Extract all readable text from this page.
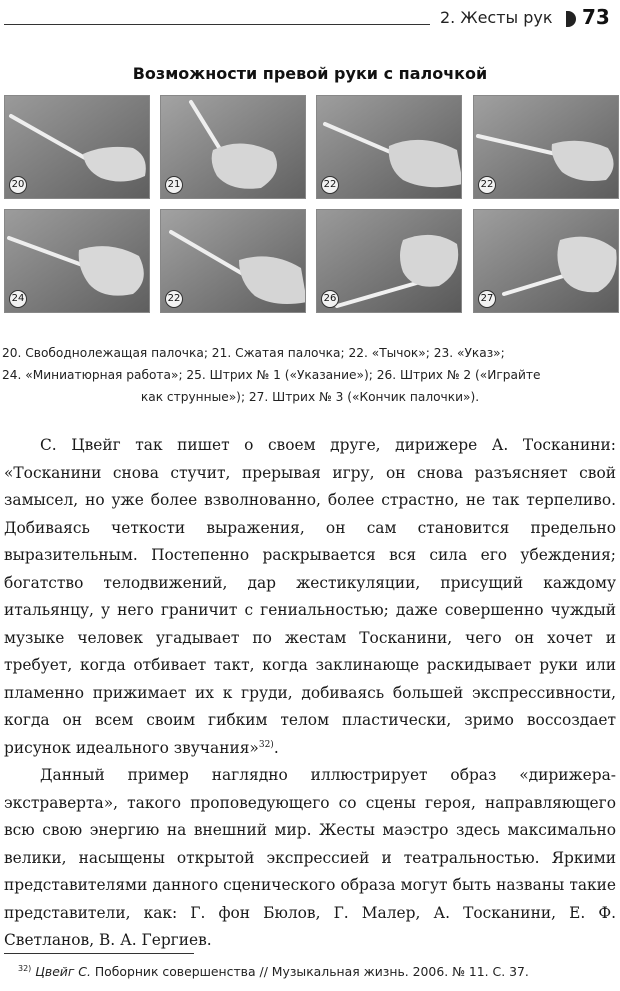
2. Жесты рук 73
Возможности превой руки с палочкой
20	21	22	22
24	22	26	27
20. Свободнолежащая палочка; 21. Сжатая палочка; 22. «Тычок»; 23. «Указ»;
24. «Миниатюрная работа»; 25. Штрих № 1 («Указание»); 26. Штрих № 2 («Играйте
как струнные»); 27. Штрих № 3 («Кончик палочки»).

С. Цвейг так пишет о своем друге, дирижере А. Тосканини: «Тосканини снова стучит, прерывая игру, он снова разъясняет свой замысел, но уже более взволнованно, более страстно, не так терпеливо. Добиваясь четкости выражения, он сам становится предельно выразительным. Постепенно раскрывается вся сила его убеждения; богатство телодвижений, дар жестикуляции, присущий каждому итальянцу, у него граничит с гениальностью; даже совершенно чуждый музыке человек угадывает по жестам Тосканини, чего он хочет и требует, когда отбивает такт, когда заклинающе раскидывает руки или пламенно прижимает их к груди, добиваясь большей экспрессивности, когда он всем своим гибким телом пластически, зримо воссоздает рисунок идеального звучания»$^{32)}$.

Данный пример наглядно иллюстрирует образ «дирижера-экстраверта», такого проповедующего со сцены героя, направляющего всю свою энергию на внешний мир. Жесты маэстро здесь максимально велики, насыщены открытой экспрессией и театральностью. Яркими представителями данного сценического образа могут быть названы такие представители, как: Г. фон Бюлов, Г. Малер, А. Тосканини, Е. Ф. Светланов, В. А. Гергиев.

$^{32)}$ Цвейг С. Поборник совершенства // Музыкальная жизнь. 2006. № 11. С. 37.
